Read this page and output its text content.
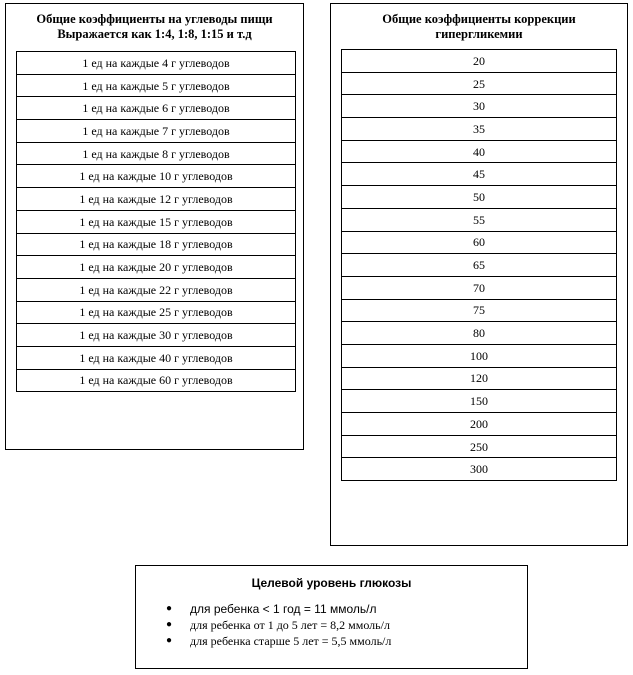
Общие коэффициенты на углеводы пищи
Выражается как 1:4, 1:8, 1:15 и т.д
1 ед на каждые 4 г углеводов
1 ед на каждые 5 г углеводов
1 ед на каждые 6 г углеводов
1 ед на каждые 7 г углеводов
1 ед на каждые 8 г углеводов
1 ед на каждые 10 г углеводов
1 ед на каждые 12 г углеводов
1 ед на каждые 15 г углеводов
1 ед на каждые 18 г углеводов
1 ед на каждые 20 г углеводов
1 ед на каждые 22 г углеводов
1 ед на каждые 25 г углеводов
1 ед на каждые 30 г углеводов
1 ед на каждые 40 г углеводов
1 ед на каждые 60 г углеводов
Общие коэффициенты коррекции
гипергликемии
20
25
30
35
40
45
50
55
60
65
70
75
80
100
120
150
200
250
300
Целевой уровень глюкозы
● для ребенка < 1 год = 11 ммоль/л
● для ребенка от 1 до 5 лет = 8,2 ммоль/л
● для ребенка старше 5 лет = 5,5 ммоль/л
